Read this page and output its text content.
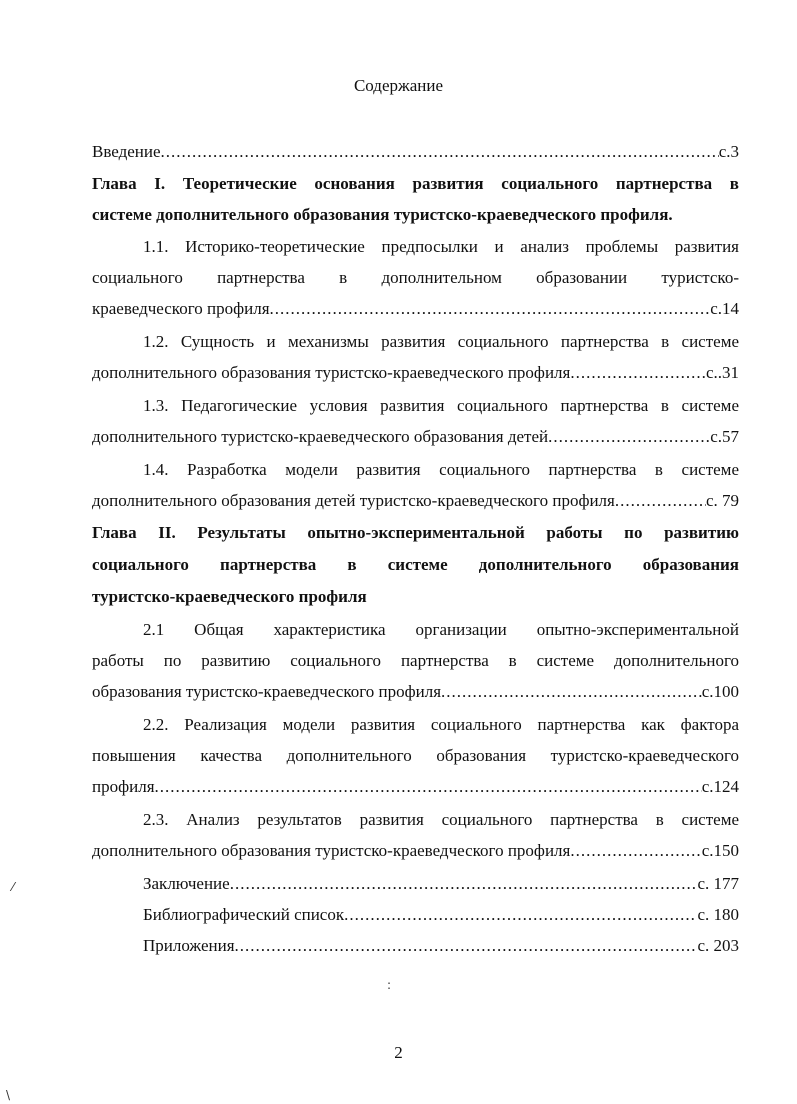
Содержание
Введение .....	с.3
Глава I. Теоретические основания развития социального партнерства в
системе дополнительного образования туристско-краеведческого профиля.
1.1. Историко-теоретические предпосылки и анализ проблемы развития
социального партнерства в дополнительном образовании туристско-
краеведческого профиля .....	с.14
1.2. Сущность и механизмы развития социального партнерства в системе
дополнительного образования туристско-краеведческого профиля .....	с..31
1.3. Педагогические условия развития социального партнерства в системе
дополнительного туристско-краеведческого образования детей .....	с.57
1.4. Разработка модели развития социального партнерства в системе
дополнительного образования детей туристско-краеведческого профиля .....	с. 79
Глава II. Результаты опытно-экспериментальной работы по развитию
социального партнерства в системе дополнительного образования
туристско-краеведческого профиля
2.1 Общая характеристика организации опытно-экспериментальной
работы по развитию социального партнерства в системе дополнительного
образования туристско-краеведческого профиля .....	с.100
2.2. Реализация модели развития социального партнерства как фактора
повышения качества дополнительного образования туристско-краеведческого
профиля .....	с.124
2.3. Анализ результатов развития социального партнерства в системе
дополнительного образования туристско-краеведческого профиля .....	с.150
Заключение .....	с. 177
Библиографический список .....	с. 180
Приложения .....	с. 203
:
⁄
\
2
